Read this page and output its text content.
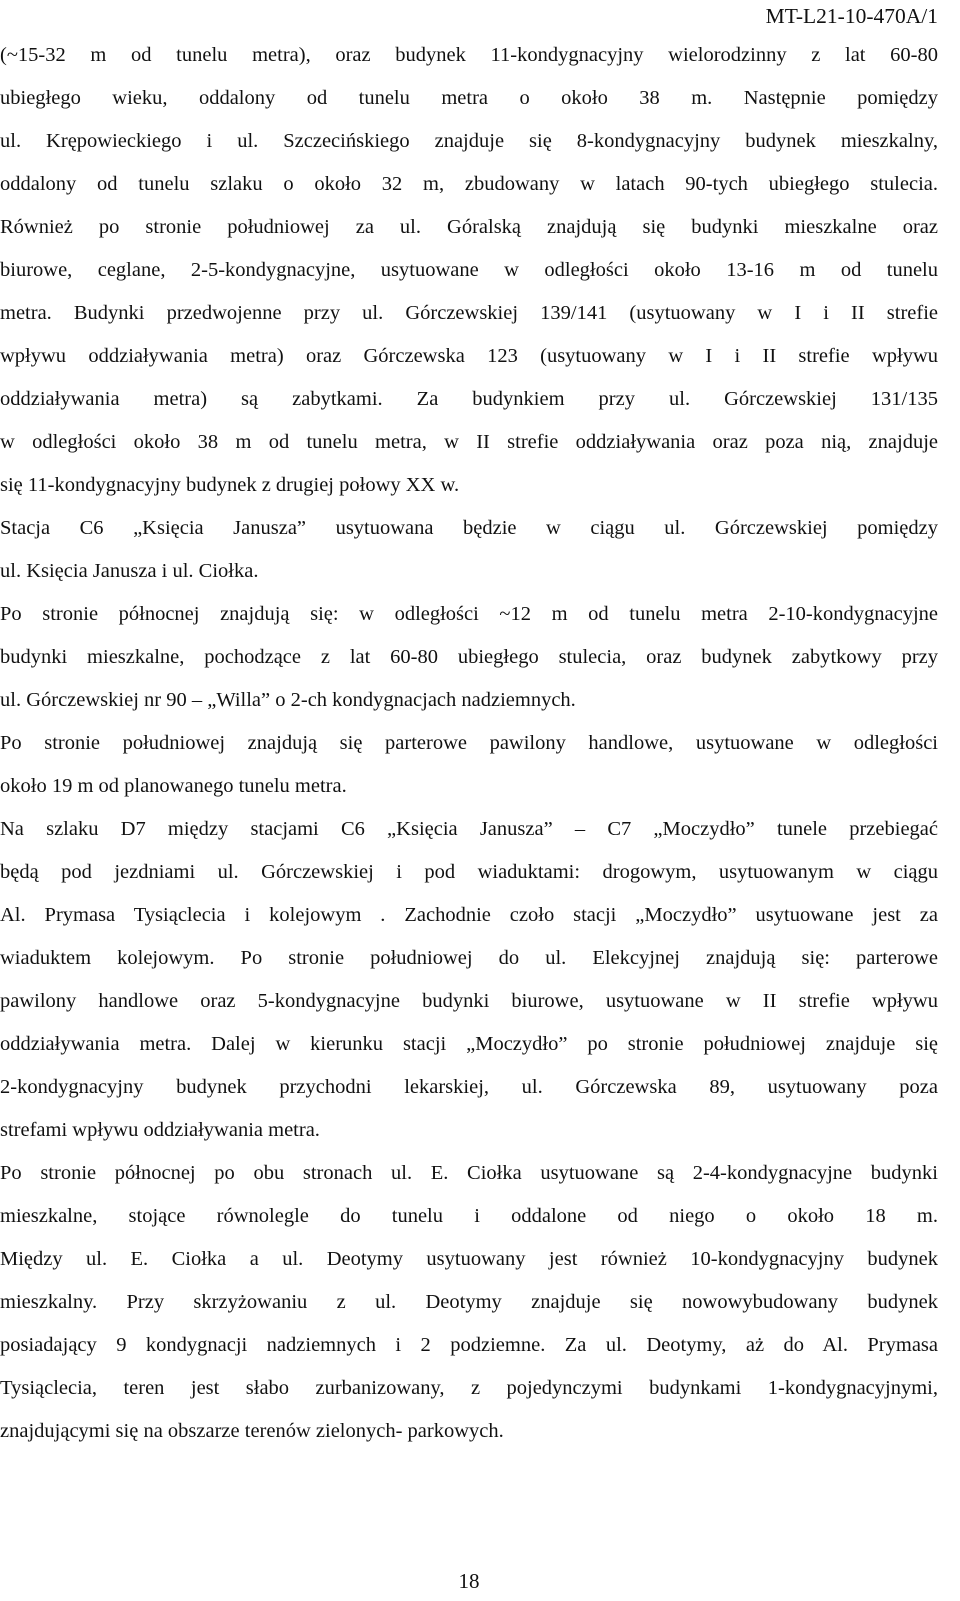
MT-L21-10-470A/1

(~15-32 m od tunelu metra), oraz budynek 11-kondygnacyjny wielorodzinny z lat 60-80
ubiegłego wieku, oddalony od tunelu metra o około 38 m. Następnie pomiędzy
ul. Krępowieckiego i ul. Szczecińskiego znajduje się 8-kondygnacyjny budynek mieszkalny,
oddalony od tunelu szlaku o około 32 m, zbudowany w latach 90-tych ubiegłego stulecia.
Również po stronie południowej za ul. Góralską znajdują się budynki mieszkalne oraz
biurowe, ceglane, 2-5-kondygnacyjne, usytuowane w odległości około 13-16 m od tunelu
metra. Budynki przedwojenne przy ul. Górczewskiej 139/141 (usytuowany w I i II strefie
wpływu oddziaływania metra) oraz Górczewska 123 (usytuowany w I i II strefie wpływu
oddziaływania metra) są zabytkami. Za budynkiem przy ul. Górczewskiej 131/135
w odległości około 38 m od tunelu metra, w II strefie oddziaływania oraz poza nią, znajduje
się 11-kondygnacyjny budynek z drugiej połowy XX w.

Stacja C6 „Księcia Janusza” usytuowana będzie w ciągu ul. Górczewskiej pomiędzy
ul. Księcia Janusza i ul. Ciołka.

Po stronie północnej znajdują się: w odległości ~12 m od tunelu metra 2-10-kondygnacyjne
budynki mieszkalne, pochodzące z lat 60-80 ubiegłego stulecia, oraz budynek zabytkowy przy
ul. Górczewskiej nr 90 – „Willa” o 2-ch kondygnacjach nadziemnych.

Po stronie południowej znajdują się parterowe pawilony handlowe, usytuowane w odległości
około 19 m od planowanego tunelu metra.

Na szlaku D7 między stacjami C6 „Księcia Janusza” – C7 „Moczydło” tunele przebiegać
będą pod jezdniami ul. Górczewskiej i pod wiaduktami: drogowym, usytuowanym w ciągu
Al. Prymasa Tysiąclecia i kolejowym . Zachodnie czoło stacji „Moczydło” usytuowane jest za
wiaduktem kolejowym. Po stronie południowej do ul. Elekcyjnej znajdują się: parterowe
pawilony handlowe oraz 5-kondygnacyjne budynki biurowe, usytuowane w II strefie wpływu
oddziaływania metra. Dalej w kierunku stacji „Moczydło” po stronie południowej znajduje się
2-kondygnacyjny budynek przychodni lekarskiej, ul. Górczewska 89, usytuowany poza
strefami wpływu oddziaływania metra.

Po stronie północnej po obu stronach ul. E. Ciołka usytuowane są 2-4-kondygnacyjne budynki
mieszkalne, stojące równolegle do tunelu i oddalone od niego o około 18 m.
Między ul. E. Ciołka a ul. Deotymy usytuowany jest również 10-kondygnacyjny budynek
mieszkalny. Przy skrzyżowaniu z ul. Deotymy znajduje się nowowybudowany budynek
posiadający 9 kondygnacji nadziemnych i 2 podziemne. Za ul. Deotymy, aż do Al. Prymasa
Tysiąclecia, teren jest słabo zurbanizowany, z pojedynczymi budynkami 1-kondygnacyjnymi,
znajdującymi się na obszarze terenów zielonych- parkowych.

18
